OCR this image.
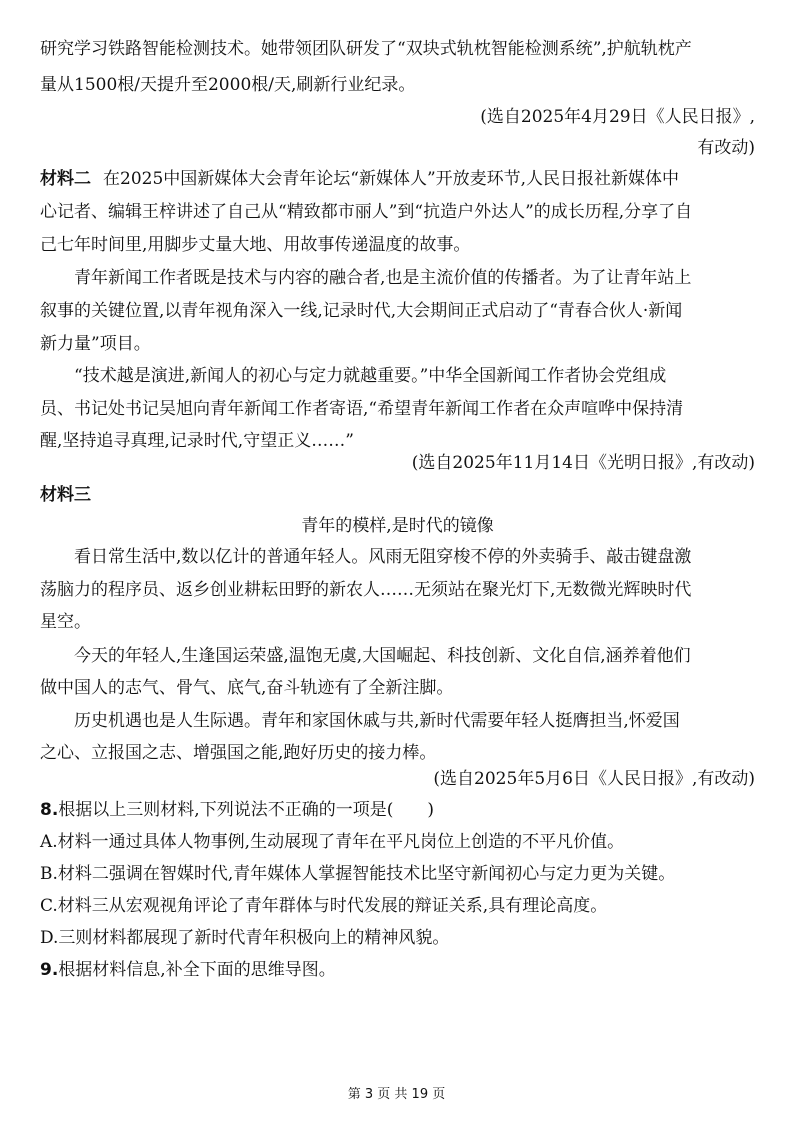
研究学习铁路智能检测技术。她带领团队研发了“双块式轨枕智能检测系统”,护航轨枕产
量从1500根/天提升至2000根/天,刷新行业纪录。
(选自2025年4月29日《人民日报》,
有改动)
材料二 在2025中国新媒体大会青年论坛“新媒体人”开放麦环节,人民日报社新媒体中
心记者、编辑王梓讲述了自己从“精致都市丽人”到“抗造户外达人”的成长历程,分享了自
己七年时间里,用脚步丈量大地、用故事传递温度的故事。
青年新闻工作者既是技术与内容的融合者,也是主流价值的传播者。为了让青年站上
叙事的关键位置,以青年视角深入一线,记录时代,大会期间正式启动了“青春合伙人·新闻
新力量”项目。
“技术越是演进,新闻人的初心与定力就越重要。”中华全国新闻工作者协会党组成
员、书记处书记吴旭向青年新闻工作者寄语,“希望青年新闻工作者在众声喧哗中保持清
醒,坚持追寻真理,记录时代,守望正义……”
(选自2025年11月14日《光明日报》,有改动)
材料三
青年的模样,是时代的镜像
看日常生活中,数以亿计的普通年轻人。风雨无阻穿梭不停的外卖骑手、敲击键盘激
荡脑力的程序员、返乡创业耕耘田野的新农人……无须站在聚光灯下,无数微光辉映时代
星空。
今天的年轻人,生逢国运荣盛,温饱无虞,大国崛起、科技创新、文化自信,涵养着他们
做中国人的志气、骨气、底气,奋斗轨迹有了全新注脚。
历史机遇也是人生际遇。青年和家国休戚与共,新时代需要年轻人挺膺担当,怀爱国
之心、立报国之志、增强国之能,跑好历史的接力棒。
(选自2025年5月6日《人民日报》,有改动)
8.根据以上三则材料,下列说法不正确的一项是(　　)
A.材料一通过具体人物事例,生动展现了青年在平凡岗位上创造的不平凡价值。
B.材料二强调在智媒时代,青年媒体人掌握智能技术比坚守新闻初心与定力更为关键。
C.材料三从宏观视角评论了青年群体与时代发展的辩证关系,具有理论高度。
D.三则材料都展现了新时代青年积极向上的精神风貌。
9.根据材料信息,补全下面的思维导图。
第 3 页 共 19 页
